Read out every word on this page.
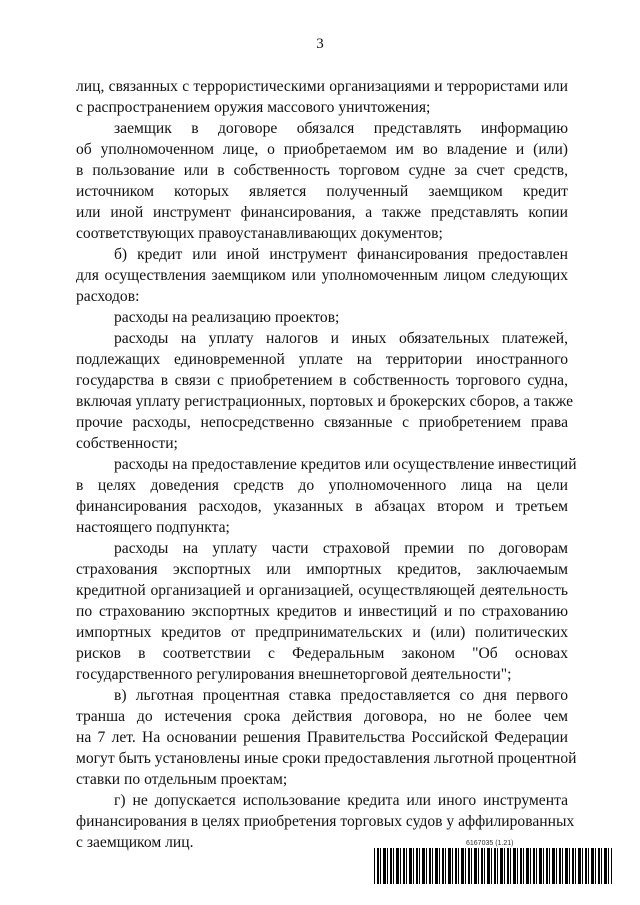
3
лиц, связанных с террористическими организациями и террористами или
с распространением оружия массового уничтожения;
заемщик в договоре обязался представлять информацию
об уполномоченном лице, о приобретаемом им во владение и (или)
в пользование или в собственность торговом судне за счет средств,
источником которых является полученный заемщиком кредит
или иной инструмент финансирования, а также представлять копии
соответствующих правоустанавливающих документов;
б) кредит или иной инструмент финансирования предоставлен
для осуществления заемщиком или уполномоченным лицом следующих
расходов:
расходы на реализацию проектов;
расходы на уплату налогов и иных обязательных платежей,
подлежащих единовременной уплате на территории иностранного
государства в связи с приобретением в собственность торгового судна,
включая уплату регистрационных, портовых и брокерских сборов, а также
прочие расходы, непосредственно связанные с приобретением права
собственности;
расходы на предоставление кредитов или осуществление инвестиций
в целях доведения средств до уполномоченного лица на цели
финансирования расходов, указанных в абзацах втором и третьем
настоящего подпункта;
расходы на уплату части страховой премии по договорам
страхования экспортных или импортных кредитов, заключаемым
кредитной организацией и организацией, осуществляющей деятельность
по страхованию экспортных кредитов и инвестиций и по страхованию
импортных кредитов от предпринимательских и (или) политических
рисков в соответствии с Федеральным законом "Об основах
государственного регулирования внешнеторговой деятельности";
в) льготная процентная ставка предоставляется со дня первого
транша до истечения срока действия договора, но не более чем
на 7 лет. На основании решения Правительства Российской Федерации
могут быть установлены иные сроки предоставления льготной процентной
ставки по отдельным проектам;
г) не допускается использование кредита или иного инструмента
финансирования в целях приобретения торговых судов у аффилированных
с заемщиком лиц.	6167035 (1.21)
